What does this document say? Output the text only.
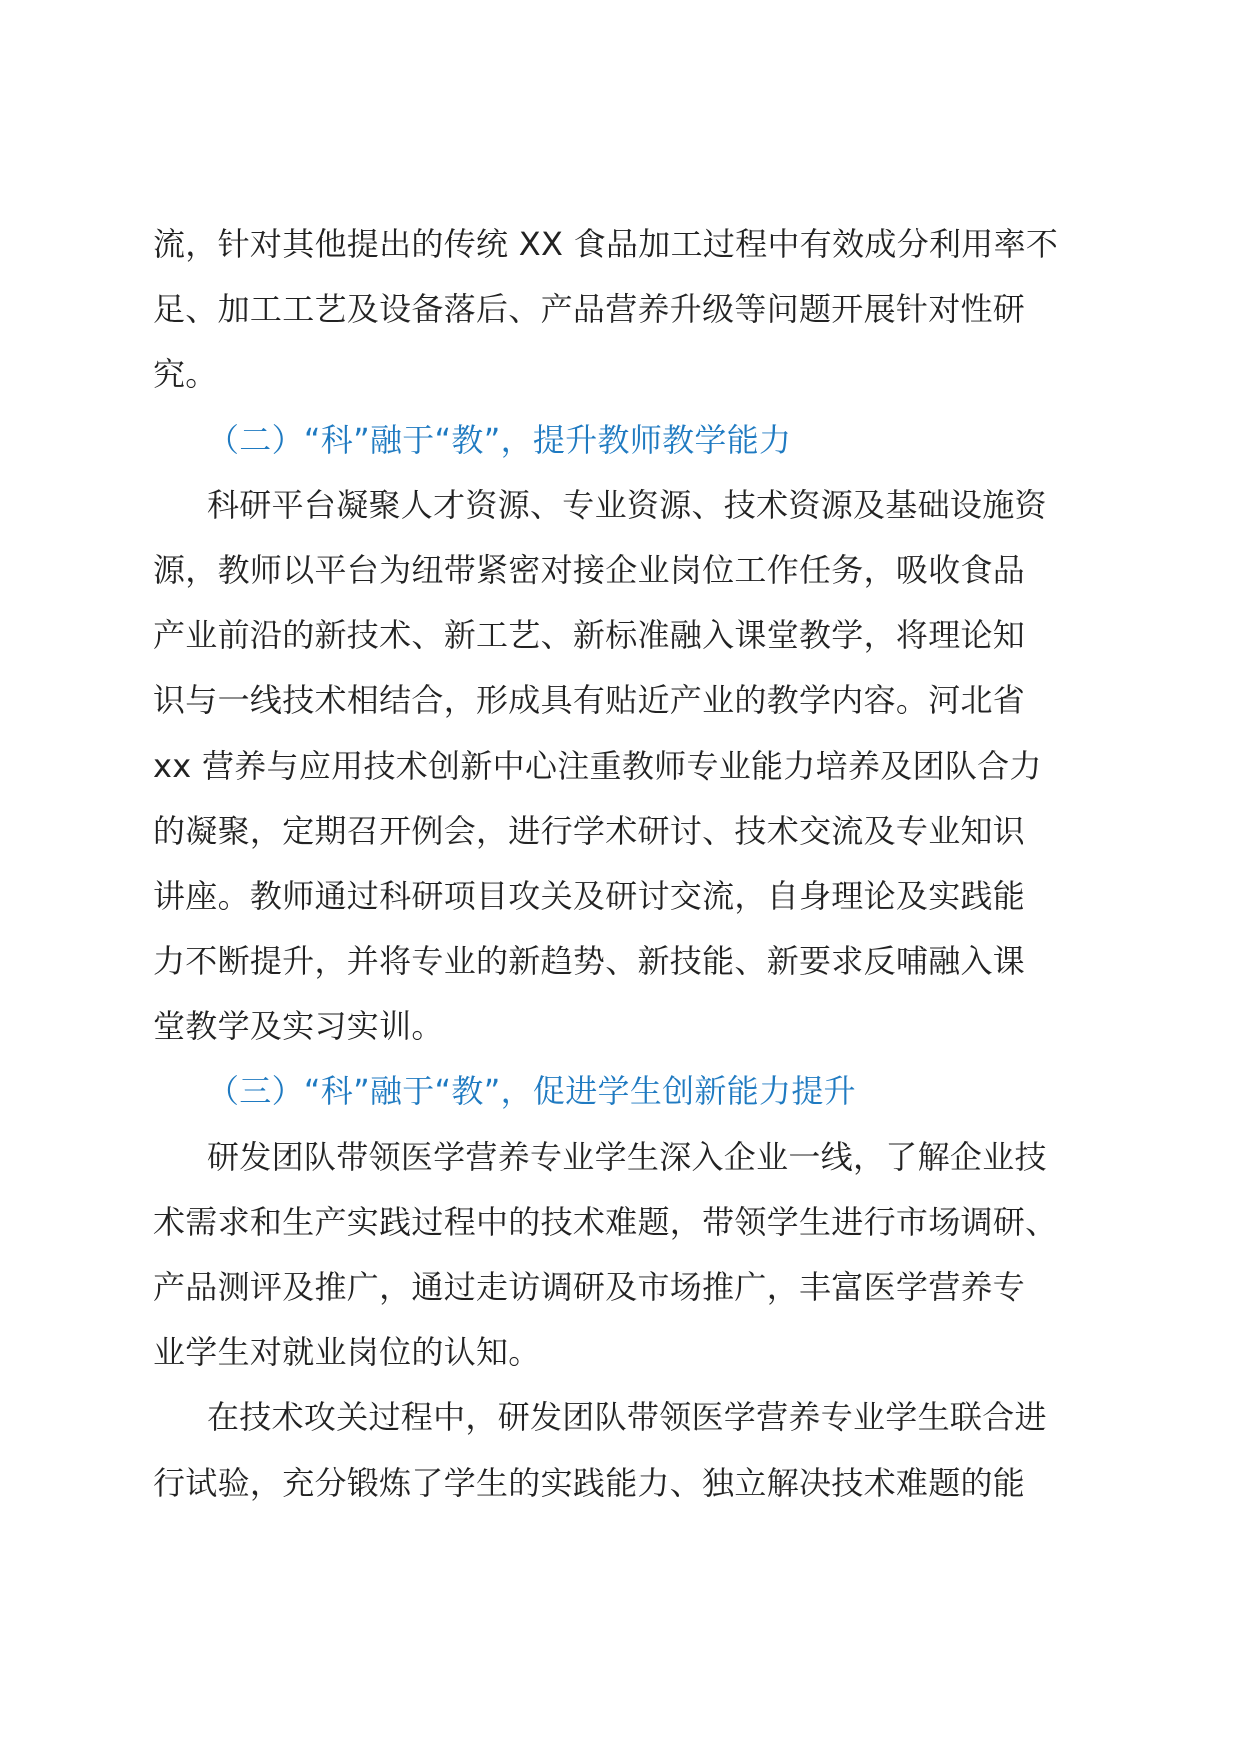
流，针对其他提出的传统 XX 食品加工过程中有效成分利用率不
足、加工工艺及设备落后、产品营养升级等问题开展针对性研
究。
（二）“科”融于“教”，提升教师教学能力
科研平台凝聚人才资源、专业资源、技术资源及基础设施资
源，教师以平台为纽带紧密对接企业岗位工作任务，吸收食品
产业前沿的新技术、新工艺、新标准融入课堂教学，将理论知
识与一线技术相结合，形成具有贴近产业的教学内容。河北省
xx 营养与应用技术创新中心注重教师专业能力培养及团队合力
的凝聚，定期召开例会，进行学术研讨、技术交流及专业知识
讲座。教师通过科研项目攻关及研讨交流，自身理论及实践能
力不断提升，并将专业的新趋势、新技能、新要求反哺融入课
堂教学及实习实训。
（三）“科”融于“教”，促进学生创新能力提升
研发团队带领医学营养专业学生深入企业一线，了解企业技
术需求和生产实践过程中的技术难题，带领学生进行市场调研、
产品测评及推广，通过走访调研及市场推广，丰富医学营养专
业学生对就业岗位的认知。
在技术攻关过程中，研发团队带领医学营养专业学生联合进
行试验，充分锻炼了学生的实践能力、独立解决技术难题的能
